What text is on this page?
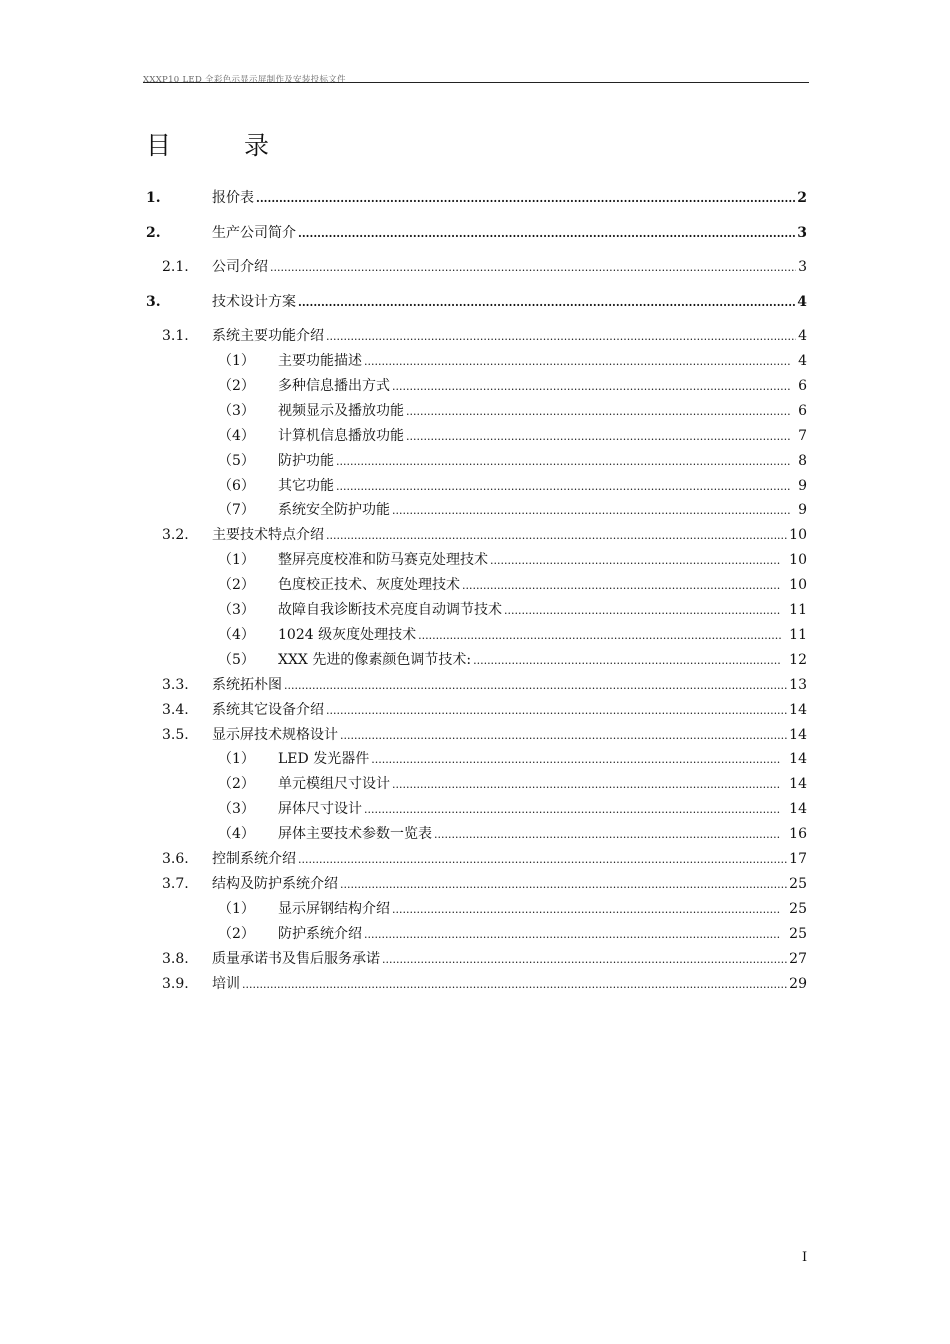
XXXP10 LED 全彩色示显示屏制作及安装投标文件
目　录
1.	报价表 .....	2
2.	生产公司简介 .....	3
2.1. 公司介绍 .....	3
3.	技术设计方案 .....	4
3.1. 系统主要功能介绍 .....	4
（1） 主要功能描述 .....	4
（2） 多种信息播出方式 .....	6
（3） 视频显示及播放功能 .....	6
（4） 计算机信息播放功能 .....	7
（5） 防护功能 .....	8
（6） 其它功能 .....	9
（7） 系统安全防护功能 .....	9
3.2. 主要技术特点介绍 .....	10
（1） 整屏亮度校准和防马赛克处理技术 .....	10
（2） 色度校正技术、灰度处理技术 .....	10
（3） 故障自我诊断技术亮度自动调节技术 .....	11
（4） 1024 级灰度处理技术 .....	11
（5） XXX 先进的像素颜色调节技术: .....	12
3.3. 系统拓朴图 .....	13
3.4. 系统其它设备介绍 .....	14
3.5. 显示屏技术规格设计 .....	14
（1） LED 发光器件 .....	14
（2） 单元模组尺寸设计 .....	14
（3） 屏体尺寸设计 .....	14
（4） 屏体主要技术参数一览表 .....	16
3.6. 控制系统介绍 .....	17
3.7. 结构及防护系统介绍 .....	25
（1） 显示屏钢结构介绍 .....	25
（2） 防护系统介绍 .....	25
3.8. 质量承诺书及售后服务承诺 .....	27
3.9. 培训 .....	29
I
